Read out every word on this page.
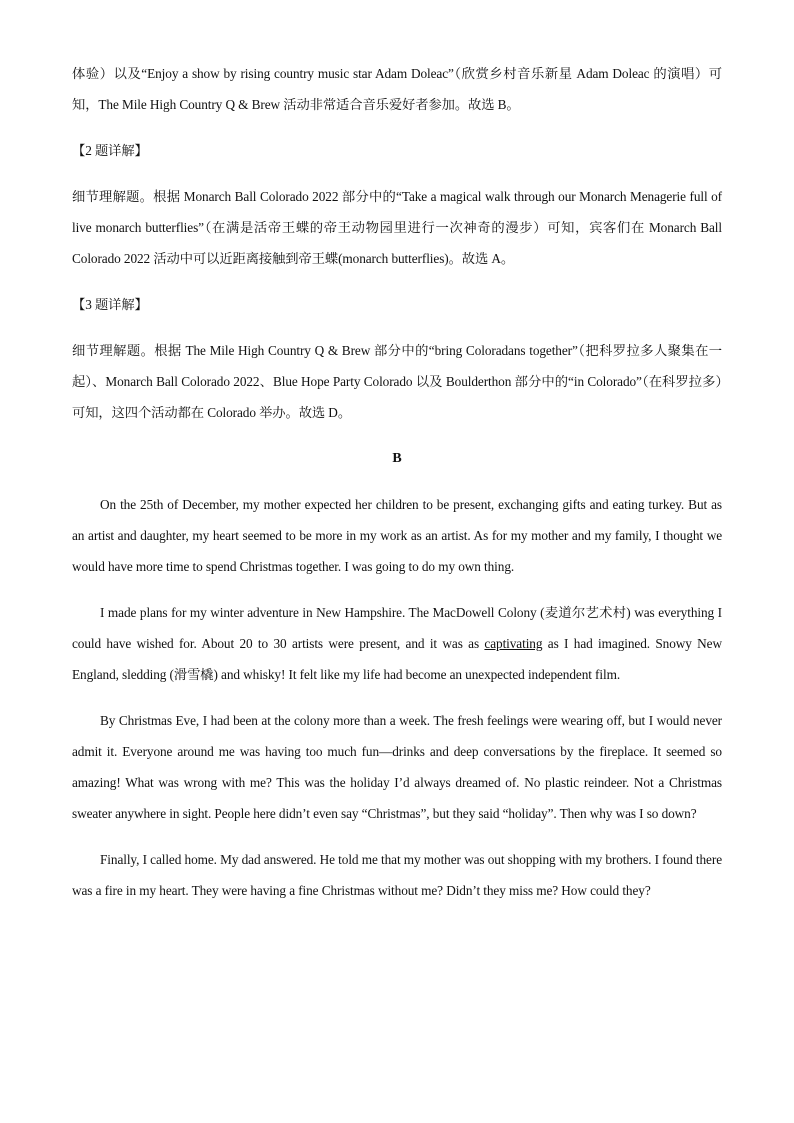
体验）以及“Enjoy a show by rising country music star Adam Doleac”（欣赏乡村音乐新星 Adam Doleac 的演唱）可知，The Mile High Country Q & Brew 活动非常适合音乐爱好者参加。故选 B。

【2 题详解】

细节理解题。根据 Monarch Ball Colorado 2022 部分中的“Take a magical walk through our Monarch Menagerie full of live monarch butterflies”（在满是活帝王蝶的帝王动物园里进行一次神奇的漫步）可知，宾客们在 Monarch Ball Colorado 2022 活动中可以近距离接触到帝王蝶(monarch butterflies)。故选 A。

【3 题详解】

细节理解题。根据 The Mile High Country Q & Brew 部分中的“bring Coloradans together”（把科罗拉多人聚集在一起）、Monarch Ball Colorado 2022、Blue Hope Party Colorado 以及 Boulderthon 部分中的“in Colorado”（在科罗拉多）可知，这四个活动都在 Colorado 举办。故选 D。

B

On the 25th of December, my mother expected her children to be present, exchanging gifts and eating turkey. But as an artist and daughter, my heart seemed to be more in my work as an artist. As for my mother and my family, I thought we would have more time to spend Christmas together. I was going to do my own thing.

I made plans for my winter adventure in New Hampshire. The MacDowell Colony (麦道尔艺术村) was everything I could have wished for. About 20 to 30 artists were present, and it was as captivating as I had imagined. Snowy New England, sledding (滑雪橇) and whisky! It felt like my life had become an unexpected independent film.

By Christmas Eve, I had been at the colony more than a week. The fresh feelings were wearing off, but I would never admit it. Everyone around me was having too much fun—drinks and deep conversations by the fireplace. It seemed so amazing! What was wrong with me? This was the holiday I’d always dreamed of. No plastic reindeer. Not a Christmas sweater anywhere in sight. People here didn’t even say “Christmas”, but they said “holiday”. Then why was I so down?

Finally, I called home. My dad answered. He told me that my mother was out shopping with my brothers. I found there was a fire in my heart. They were having a fine Christmas without me? Didn’t they miss me? How could they?
